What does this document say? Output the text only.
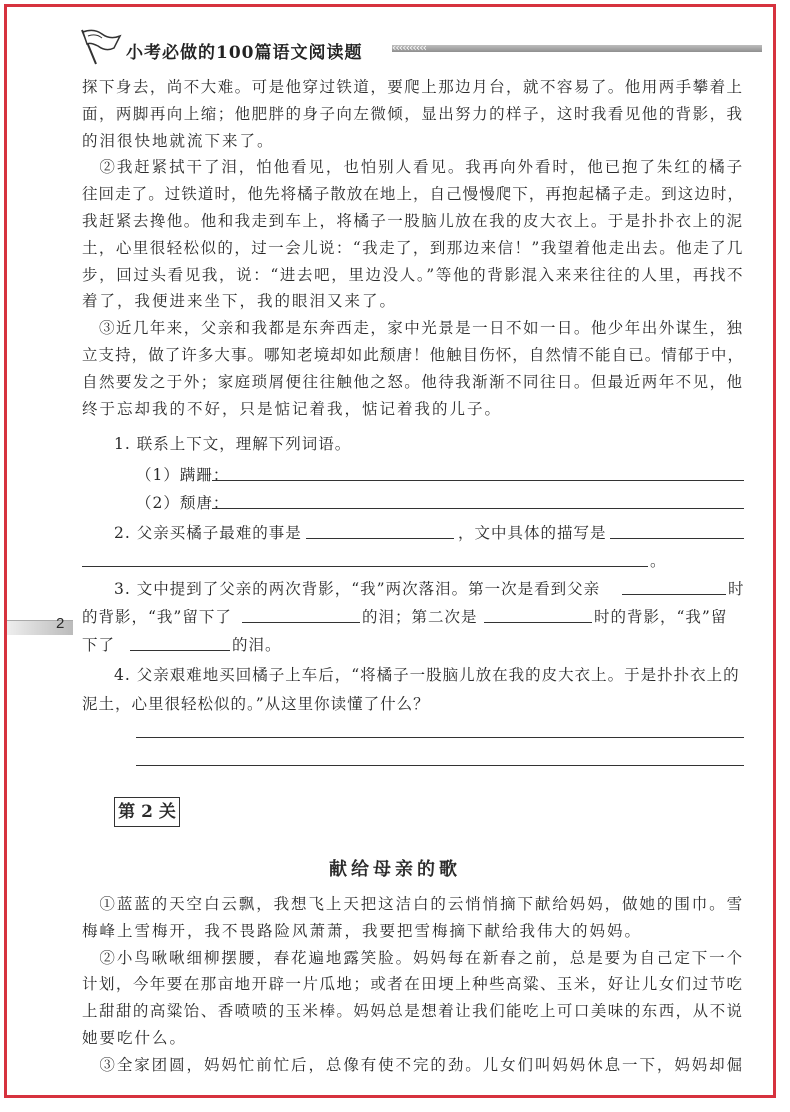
小考必做的100篇语文阅读题	‹‹‹‹‹‹‹‹‹‹
探下身去，尚不大难。可是他穿过铁道，要爬上那边月台，就不容易了。他用两手攀着上
面，两脚再向上缩；他肥胖的身子向左微倾，显出努力的样子，这时我看见他的背影，我
的泪很快地就流下来了。
　②我赶紧拭干了泪，怕他看见，也怕别人看见。我再向外看时，他已抱了朱红的橘子
往回走了。过铁道时，他先将橘子散放在地上，自己慢慢爬下，再抱起橘子走。到这边时，
我赶紧去搀他。他和我走到车上，将橘子一股脑儿放在我的皮大衣上。于是扑扑衣上的泥
土，心里很轻松似的，过一会儿说：“我走了，到那边来信！”我望着他走出去。他走了几
步，回过头看见我，说：“进去吧，里边没人。”等他的背影混入来来往往的人里，再找不
着了，我便进来坐下，我的眼泪又来了。
　③近几年来，父亲和我都是东奔西走，家中光景是一日不如一日。他少年出外谋生，独
立支持，做了许多大事。哪知老境却如此颓唐！他触目伤怀，自然情不能自已。情郁于中，
自然要发之于外；家庭琐屑便往往触他之怒。他待我渐渐不同往日。但最近两年不见，他
终于忘却我的不好，只是惦记着我，惦记着我的儿子。
1. 联系上下文，理解下列词语。
（1）蹒跚：
（2）颓唐：
2. 父亲买橘子最难的事是	，文中具体的描写是
。
3. 文中提到了父亲的两次背影，“我”两次落泪。第一次是看到父亲	时
的背影，“我”留下了	的泪；第二次是	时的背影，“我”留
下了	的泪。
4. 父亲艰难地买回橘子上车后，“将橘子一股脑儿放在我的皮大衣上。于是扑扑衣上的
泥土，心里很轻松似的。”从这里你读懂了什么？
2
第 2 关
献给母亲的歌
　①蓝蓝的天空白云飘，我想飞上天把这洁白的云悄悄摘下献给妈妈，做她的围巾。雪
梅峰上雪梅开，我不畏路险风萧萧，我要把雪梅摘下献给我伟大的妈妈。
　②小鸟啾啾细柳摆腰，春花遍地露笑脸。妈妈每在新春之前，总是要为自己定下一个
计划，今年要在那亩地开辟一片瓜地；或者在田埂上种些高粱、玉米，好让儿女们过节吃
上甜甜的高粱饴、香喷喷的玉米棒。妈妈总是想着让我们能吃上可口美味的东西，从不说
她要吃什么。
　③全家团圆，妈妈忙前忙后，总像有使不完的劲。儿女们叫妈妈休息一下，妈妈却倔
